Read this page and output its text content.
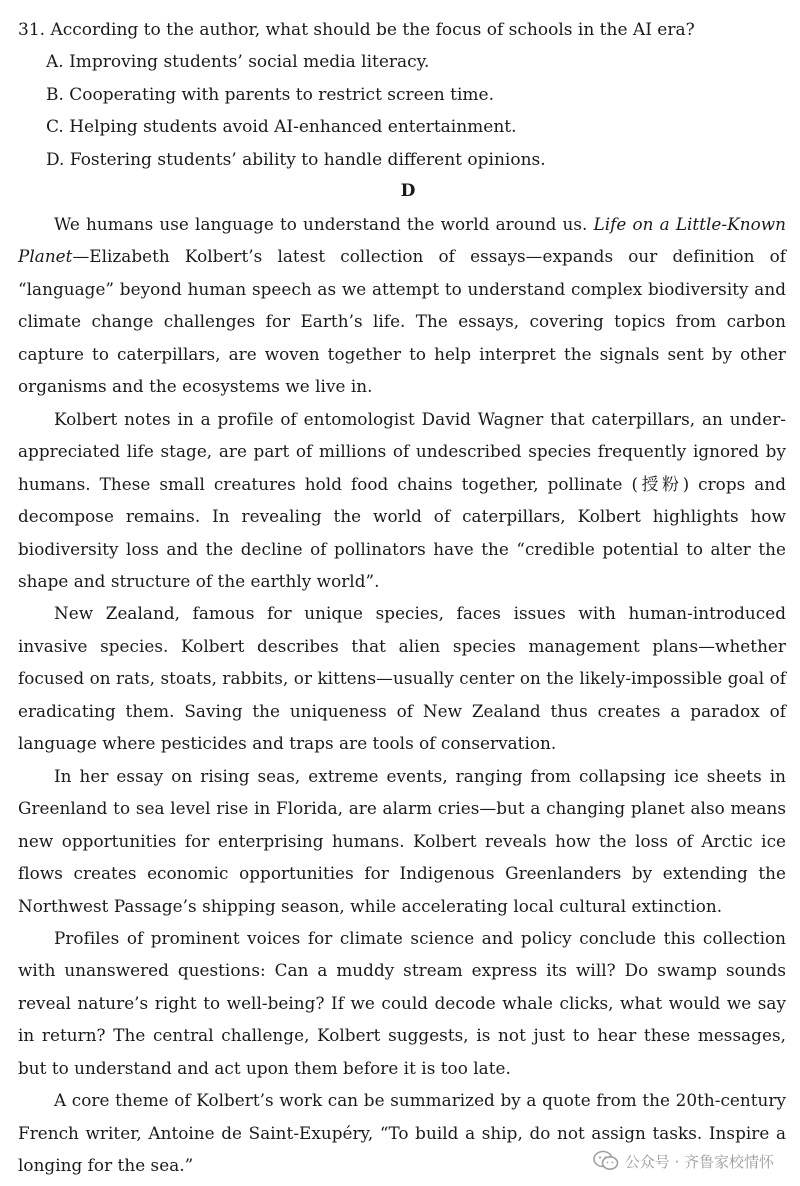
31. According to the author, what should be the focus of schools in the AI era?

A. Improving students’ social media literacy.
B. Cooperating with parents to restrict screen time.
C. Helping students avoid AI-enhanced entertainment.
D. Fostering students’ ability to handle different opinions.

D

We humans use language to understand the world around us. Life on a Little-Known Planet—Elizabeth Kolbert’s latest collection of essays—expands our definition of “language” beyond human speech as we attempt to understand complex biodiversity and climate change challenges for Earth’s life. The essays, covering topics from carbon capture to caterpillars, are woven together to help interpret the signals sent by other organisms and the ecosystems we live in.

Kolbert notes in a profile of entomologist David Wagner that caterpillars, an under-appreciated life stage, are part of millions of undescribed species frequently ignored by humans. These small creatures hold food chains together, pollinate (授粉) crops and decompose remains. In revealing the world of caterpillars, Kolbert highlights how biodiversity loss and the decline of pollinators have the “credible potential to alter the shape and structure of the earthly world”.

New Zealand, famous for unique species, faces issues with human-introduced invasive species. Kolbert describes that alien species management plans—whether focused on rats, stoats, rabbits, or kittens—usually center on the likely-impossible goal of eradicating them. Saving the uniqueness of New Zealand thus creates a paradox of language where pesticides and traps are tools of conservation.

In her essay on rising seas, extreme events, ranging from collapsing ice sheets in Greenland to sea level rise in Florida, are alarm cries—but a changing planet also means new opportunities for enterprising humans. Kolbert reveals how the loss of Arctic ice flows creates economic opportunities for Indigenous Greenlanders by extending the Northwest Passage’s shipping season, while accelerating local cultural extinction.

Profiles of prominent voices for climate science and policy conclude this collection with unanswered questions: Can a muddy stream express its will? Do swamp sounds reveal nature’s right to well-being? If we could decode whale clicks, what would we say in return? The central challenge, Kolbert suggests, is not just to hear these messages, but to understand and act upon them before it is too late.

A core theme of Kolbert’s work can be summarized by a quote from the 20th-century French writer, Antoine de Saint-Exupéry, “To build a ship, do not assign tasks. Inspire a longing for the sea.”	公众号 · 齐鲁家校情怀
